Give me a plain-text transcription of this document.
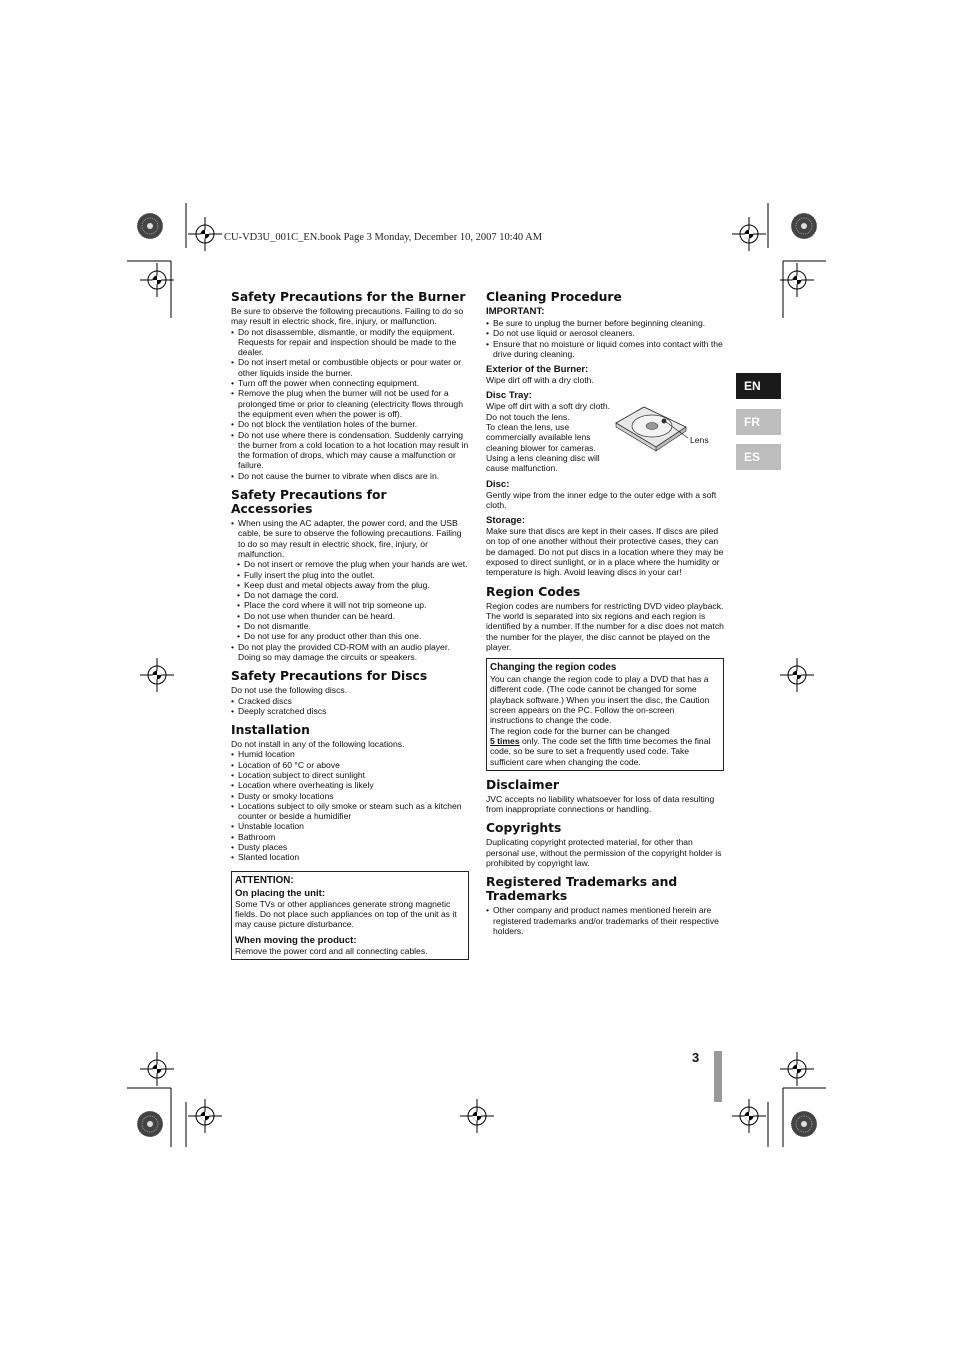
CU-VD3U_001C_EN.book Page 3 Monday, December 10, 2007 10:40 AM
EN
FR
ES
Safety Precautions for the Burner

Be sure to observe the following precautions. Failing to do so may result in electric shock, fire, injury, or malfunction.

• Do not disassemble, dismantle, or modify the equipment. Requests for repair and inspection should be made to the dealer.
• Do not insert metal or combustible objects or pour water or other liquids inside the burner.
• Turn off the power when connecting equipment.
• Remove the plug when the burner will not be used for a prolonged time or prior to cleaning (electricity flows through the equipment even when the power is off).
• Do not block the ventilation holes of the burner.
• Do not use where there is condensation. Suddenly carrying the burner from a cold location to a hot location may result in the formation of drops, which may cause a malfunction or failure.
• Do not cause the burner to vibrate when discs are in.
Safety Precautions for Accessories
• When using the AC adapter, the power cord, and the USB cable, be sure to observe the following precautions. Failing to do so may result in electric shock, fire, injury, or malfunction.
• Do not insert or remove the plug when your hands are wet.
• Fully insert the plug into the outlet.
• Keep dust and metal objects away from the plug.
• Do not damage the cord.
• Place the cord where it will not trip someone up.
• Do not use when thunder can be heard.
• Do not dismantle.
• Do not use for any product other than this one.
• Do not play the provided CD-ROM with an audio player. Doing so may damage the circuits or speakers.
Safety Precautions for Discs

Do not use the following discs.

• Cracked discs
• Deeply scratched discs
Installation

Do not install in any of the following locations.

• Humid location
• Location of 60 °C or above
• Location subject to direct sunlight
• Location where overheating is likely
• Dusty or smoky locations
• Locations subject to oily smoke or steam such as a kitchen counter or beside a humidifier
• Unstable location
• Bathroom
• Dusty places
• Slanted location
ATTENTION:
On placing the unit:

Some TVs or other appliances generate strong magnetic fields. Do not place such appliances on top of the unit as it may cause picture disturbance.

When moving the product:

Remove the power cord and all connecting cables.

Cleaning Procedure
IMPORTANT:
• Be sure to unplug the burner before beginning cleaning.
• Do not use liquid or aerosol cleaners.
• Ensure that no moisture or liquid comes into contact with the drive during cleaning.
Exterior of the Burner:

Wipe dirt off with a dry cloth.

Disc Tray:

Wipe off dirt with a soft dry cloth.

Do not touch the lens.

To clean the lens, use commercially available lens cleaning blower for cameras. Using a lens cleaning disc will cause malfunction.

Lens
Disc:

Gently wipe from the inner edge to the outer edge with a soft cloth.

Storage:

Make sure that discs are kept in their cases. If discs are piled on top of one another without their protective cases, they can be damaged. Do not put discs in a location where they may be exposed to direct sunlight, or in a place where the humidity or temperature is high. Avoid leaving discs in your car!

Region Codes

Region codes are numbers for restricting DVD video playback. The world is separated into six regions and each region is identified by a number. If the number for a disc does not match the number for the player, the disc cannot be played on the player.

Changing the region codes

You can change the region code to play a DVD that has a different code. (The code cannot be changed for some playback software.) When you insert the disc, the Caution screen appears on the PC. Follow the on-screen instructions to change the code.

The region code for the burner can be changed

5 times only. The code set the fifth time becomes the final code, so be sure to set a frequently used code. Take sufficient care when changing the code.

Disclaimer

JVC accepts no liability whatsoever for loss of data resulting from inappropriate connections or handling.

Copyrights

Duplicating copyright protected material, for other than personal use, without the permission of the copyright holder is prohibited by copyright law.

Registered Trademarks and Trademarks
• Other company and product names mentioned herein are registered trademarks and/or trademarks of their respective holders.
3
